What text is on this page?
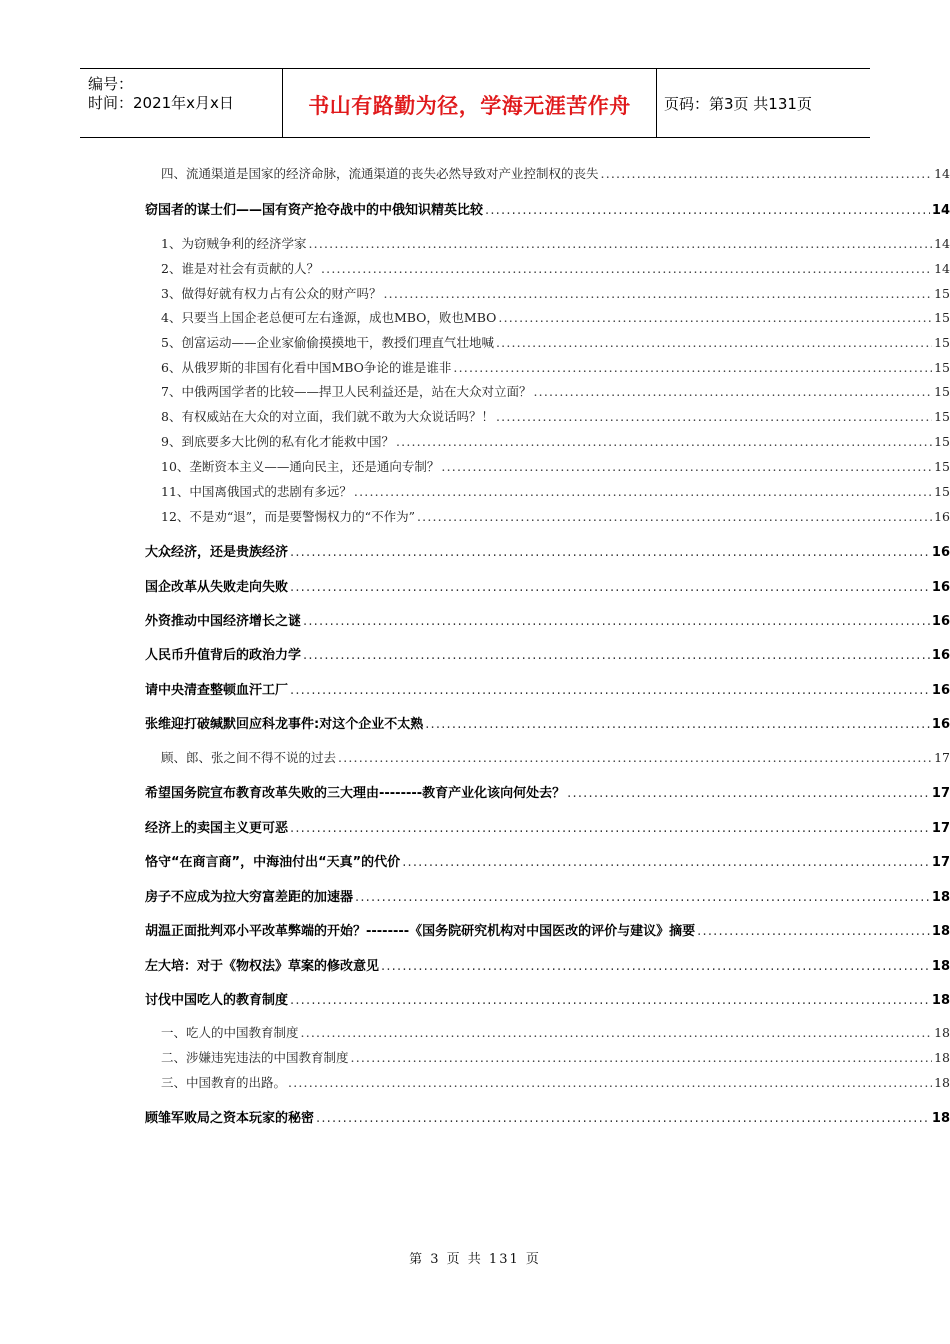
编号：
时间：2021年x月x日	书山有路勤为径，学海无涯苦作舟	页码：第3页 共131页
四、流通渠道是国家的经济命脉，流通渠道的丧失必然导致对产业控制权的丧失 .....	14
窃国者的谋士们——国有资产抢夺战中的中俄知识精英比较 .....	14
1、为窃贼争利的经济学家 .....	14
2、谁是对社会有贡献的人？ .....	14
3、做得好就有权力占有公众的财产吗？ .....	15
4、只要当上国企老总便可左右逢源，成也MBO，败也MBO .....	15
5、创富运动——企业家偷偷摸摸地干，教授们理直气壮地喊 .....	15
6、从俄罗斯的非国有化看中国MBO争论的谁是谁非 .....	15
7、中俄两国学者的比较——捍卫人民利益还是，站在大众对立面？ .....	15
8、有权威站在大众的对立面，我们就不敢为大众说话吗？！ .....	15
9、到底要多大比例的私有化才能救中国？ .....	15
10、垄断资本主义——通向民主，还是通向专制？ .....	15
11、中国离俄国式的悲剧有多远？ .....	15
12、不是劝“退”，而是要警惕权力的“不作为” .....	16
大众经济，还是贵族经济 .....	16
国企改革从失败走向失败 .....	16
外资推动中国经济增长之谜 .....	16
人民币升值背后的政治力学 .....	16
请中央清查整顿血汗工厂 .....	16
张维迎打破缄默回应科龙事件:对这个企业不太熟 .....	16
顾、郎、张之间不得不说的过去 .....	17
希望国务院宣布教育改革失败的三大理由--------教育产业化该向何处去？ .....	17
经济上的卖国主义更可恶 .....	17
恪守“在商言商”，中海油付出“天真”的代价 .....	17
房子不应成为拉大穷富差距的加速器 .....	18
胡温正面批判邓小平改革弊端的开始？--------《国务院研究机构对中国医改的评价与建议》摘要 .....	18
左大培：对于《物权法》草案的修改意见 .....	18
讨伐中国吃人的教育制度 .....	18
一、吃人的中国教育制度 .....	18
二、涉嫌违宪违法的中国教育制度 .....	18
三、中国教育的出路。 .....	18
顾雏军败局之资本玩家的秘密 .....	18
第 3 页 共 131 页
